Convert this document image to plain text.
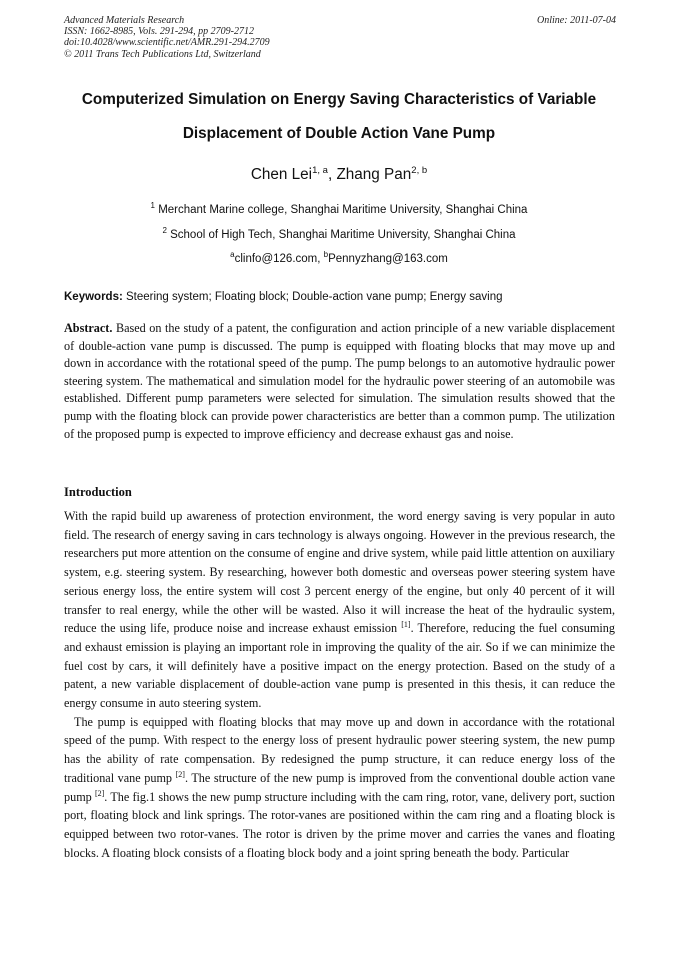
Advanced Materials Research
ISSN: 1662-8985, Vols. 291-294, pp 2709-2712
doi:10.4028/www.scientific.net/AMR.291-294.2709
© 2011 Trans Tech Publications Ltd, Switzerland
Online: 2011-07-04
Computerized Simulation on Energy Saving Characteristics of Variable
Displacement of Double Action Vane Pump
Chen Lei$^{1, a}$, Zhang Pan$^{2, b}$
$^1$ Merchant Marine college, Shanghai Maritime University, Shanghai China
$^2$ School of High Tech, Shanghai Maritime University, Shanghai China
$^a$clinfo@126.com, $^b$Pennyzhang@163.com
Keywords: Steering system; Floating block; Double-action vane pump; Energy saving
Abstract. Based on the study of a patent, the configuration and action principle of a new variable displacement of double-action vane pump is discussed. The pump is equipped with floating blocks that may move up and down in accordance with the rotational speed of the pump. The pump belongs to an automotive hydraulic power steering system. The mathematical and simulation model for the hydraulic power steering of an automobile was established. Different pump parameters were selected for simulation. The simulation results showed that the pump with the floating block can provide power characteristics are better than a common pump. The utilization of the proposed pump is expected to improve efficiency and decrease exhaust gas and noise.
Introduction

With the rapid build up awareness of protection environment, the word energy saving is very popular in auto field. The research of energy saving in cars technology is always ongoing. However in the previous research, the researchers put more attention on the consume of engine and drive system, while paid little attention on auxiliary system, e.g. steering system. By researching, however both domestic and overseas power steering system have serious energy loss, the entire system will cost 3 percent energy of the engine, but only 40 percent of it will transfer to real energy, while the other will be wasted. Also it will increase the heat of the hydraulic system, reduce the using life, produce noise and increase exhaust emission [1]. Therefore, reducing the fuel consuming and exhaust emission is playing an important role in improving the quality of the air. So if we can minimize the fuel cost by cars, it will definitely have a positive impact on the energy protection. Based on the study of a patent, a new variable displacement of double-action vane pump is presented in this thesis, it can reduce the energy consume in auto steering system.

The pump is equipped with floating blocks that may move up and down in accordance with the rotational speed of the pump. With respect to the energy loss of present hydraulic power steering system, the new pump has the ability of rate compensation. By redesigned the pump structure, it can reduce energy loss of the traditional vane pump [2]. The structure of the new pump is improved from the conventional double action vane pump [2]. The fig.1 shows the new pump structure including with the cam ring, rotor, vane, delivery port, suction port, floating block and link springs. The rotor-vanes are positioned within the cam ring and a floating block is equipped between two rotor-vanes. The rotor is driven by the prime mover and carries the vanes and floating blocks. A floating block consists of a floating block body and a joint spring beneath the body. Particular
